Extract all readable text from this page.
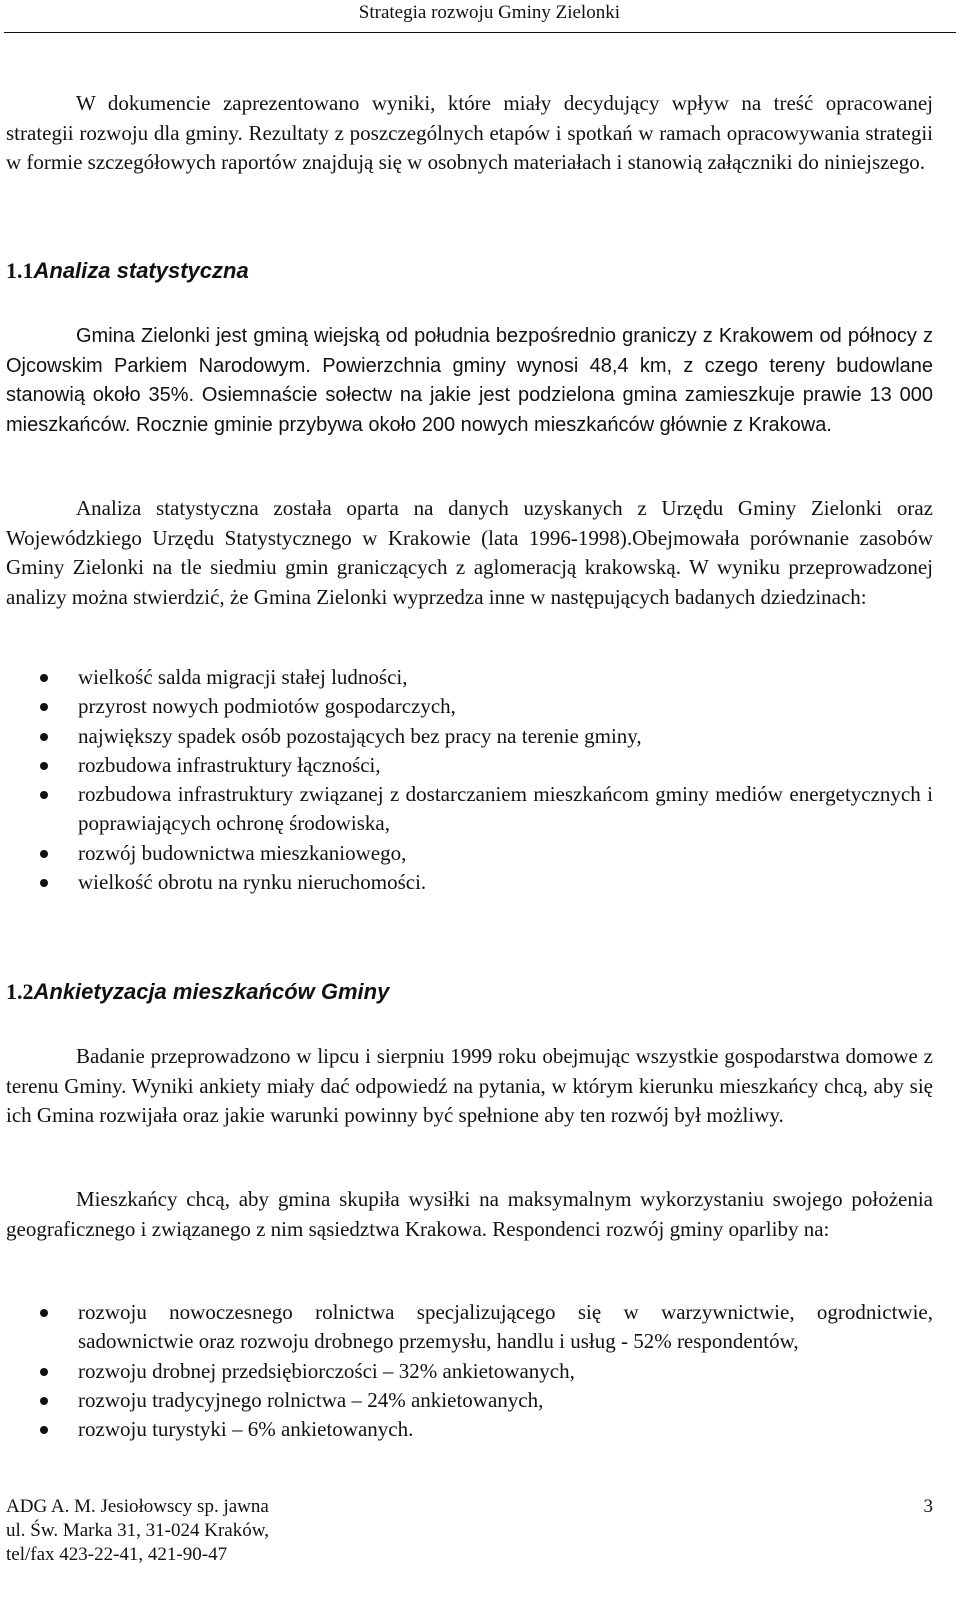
Strategia rozwoju Gminy Zielonki

W dokumencie zaprezentowano wyniki, które miały decydujący wpływ na treść opracowanej strategii rozwoju dla gminy. Rezultaty z poszczególnych etapów i spotkań w ramach opracowywania strategii w formie szczegółowych raportów znajdują się w osobnych materiałach i stanowią załączniki do niniejszego.

1.1Analiza statystyczna

Gmina Zielonki jest gminą wiejską od południa bezpośrednio graniczy z Krakowem od północy z Ojcowskim Parkiem Narodowym. Powierzchnia gminy wynosi 48,4 km, z czego tereny budowlane stanowią około 35%. Osiemnaście sołectw na jakie jest podzielona gmina zamieszkuje prawie 13 000 mieszkańców. Rocznie gminie przybywa około 200 nowych mieszkańców głównie z Krakowa.

Analiza statystyczna została oparta na danych uzyskanych z Urzędu Gminy Zielonki oraz Wojewódzkiego Urzędu Statystycznego w Krakowie (lata 1996-1998).Obejmowała porównanie zasobów Gminy Zielonki na tle siedmiu gmin graniczących z aglomeracją krakowską. W wyniku przeprowadzonej analizy można stwierdzić, że Gmina Zielonki wyprzedza inne w następujących badanych dziedzinach:

wielkość salda migracji stałej ludności,
przyrost nowych podmiotów gospodarczych,
największy spadek osób pozostających bez pracy na terenie gminy,
rozbudowa infrastruktury łączności,
rozbudowa infrastruktury związanej z dostarczaniem mieszkańcom gminy mediów energetycznych i poprawiających ochronę środowiska,
rozwój budownictwa mieszkaniowego,
wielkość obrotu na rynku nieruchomości.
1.2Ankietyzacja mieszkańców Gminy

Badanie przeprowadzono w lipcu i sierpniu 1999 roku obejmując wszystkie gospodarstwa domowe z terenu Gminy. Wyniki ankiety miały dać odpowiedź na pytania, w którym kierunku mieszkańcy chcą, aby się ich Gmina rozwijała oraz jakie warunki powinny być spełnione aby ten rozwój był możliwy.

Mieszkańcy chcą, aby gmina skupiła wysiłki na maksymalnym wykorzystaniu swojego położenia geograficznego i związanego z nim sąsiedztwa Krakowa. Respondenci rozwój gminy oparliby na:

rozwoju nowoczesnego rolnictwa specjalizującego się w warzywnictwie, ogrodnictwie, sadownictwie oraz rozwoju drobnego przemysłu, handlu i usług - 52% respondentów,
rozwoju drobnej przedsiębiorczości – 32% ankietowanych,
rozwoju tradycyjnego rolnictwa – 24% ankietowanych,
rozwoju turystyki – 6% ankietowanych.
ADG A. M. Jesiołowscy sp. jawna
ul. Św. Marka 31, 31-024 Kraków,
tel/fax 423-22-41, 421-90-47
3
